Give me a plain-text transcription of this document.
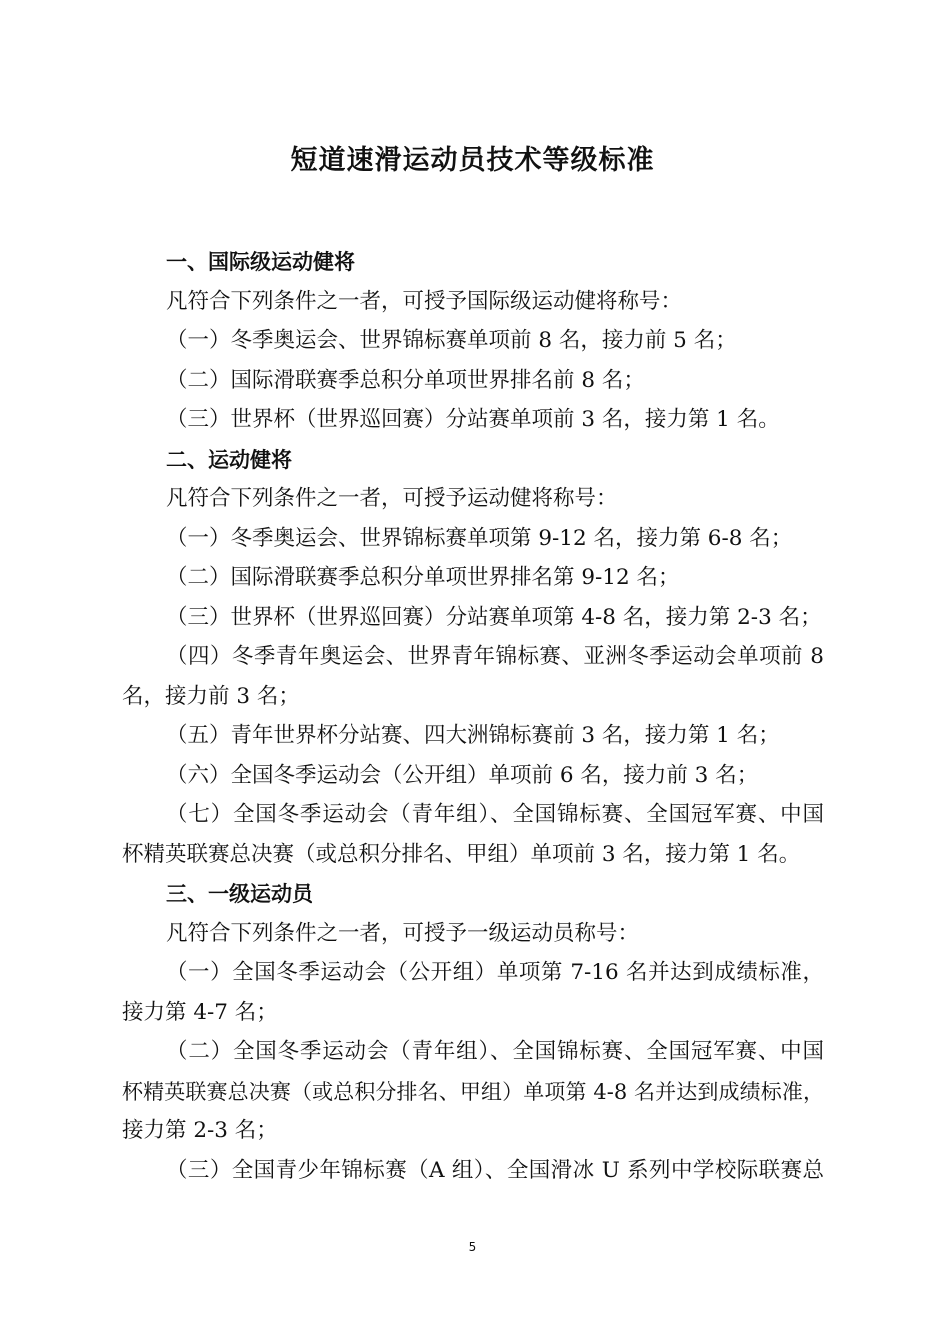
短道速滑运动员技术等级标准
一、国际级运动健将
凡符合下列条件之一者，可授予国际级运动健将称号：
（一）冬季奥运会、世界锦标赛单项前 8 名，接力前 5 名；
（二）国际滑联赛季总积分单项世界排名前 8 名；
（三）世界杯（世界巡回赛）分站赛单项前 3 名，接力第 1 名。
二、运动健将
凡符合下列条件之一者，可授予运动健将称号：
（一）冬季奥运会、世界锦标赛单项第 9-12 名，接力第 6-8 名；
（二）国际滑联赛季总积分单项世界排名第 9-12 名；
（三）世界杯（世界巡回赛）分站赛单项第 4-8 名，接力第 2-3 名；
（四）冬季青年奥运会、世界青年锦标赛、亚洲冬季运动会单项前 8
名，接力前 3 名；
（五）青年世界杯分站赛、四大洲锦标赛前 3 名，接力第 1 名；
（六）全国冬季运动会（公开组）单项前 6 名，接力前 3 名；
（七）全国冬季运动会（青年组）、全国锦标赛、全国冠军赛、中国
杯精英联赛总决赛（或总积分排名、甲组）单项前 3 名，接力第 1 名。
三、一级运动员
凡符合下列条件之一者，可授予一级运动员称号：
（一）全国冬季运动会（公开组）单项第 7-16 名并达到成绩标准，
接力第 4-7 名；
（二）全国冬季运动会（青年组）、全国锦标赛、全国冠军赛、中国
杯精英联赛总决赛（或总积分排名、甲组）单项第 4-8 名并达到成绩标准，
接力第 2-3 名；
（三）全国青少年锦标赛（A 组）、全国滑冰 U 系列中学校际联赛总
5
